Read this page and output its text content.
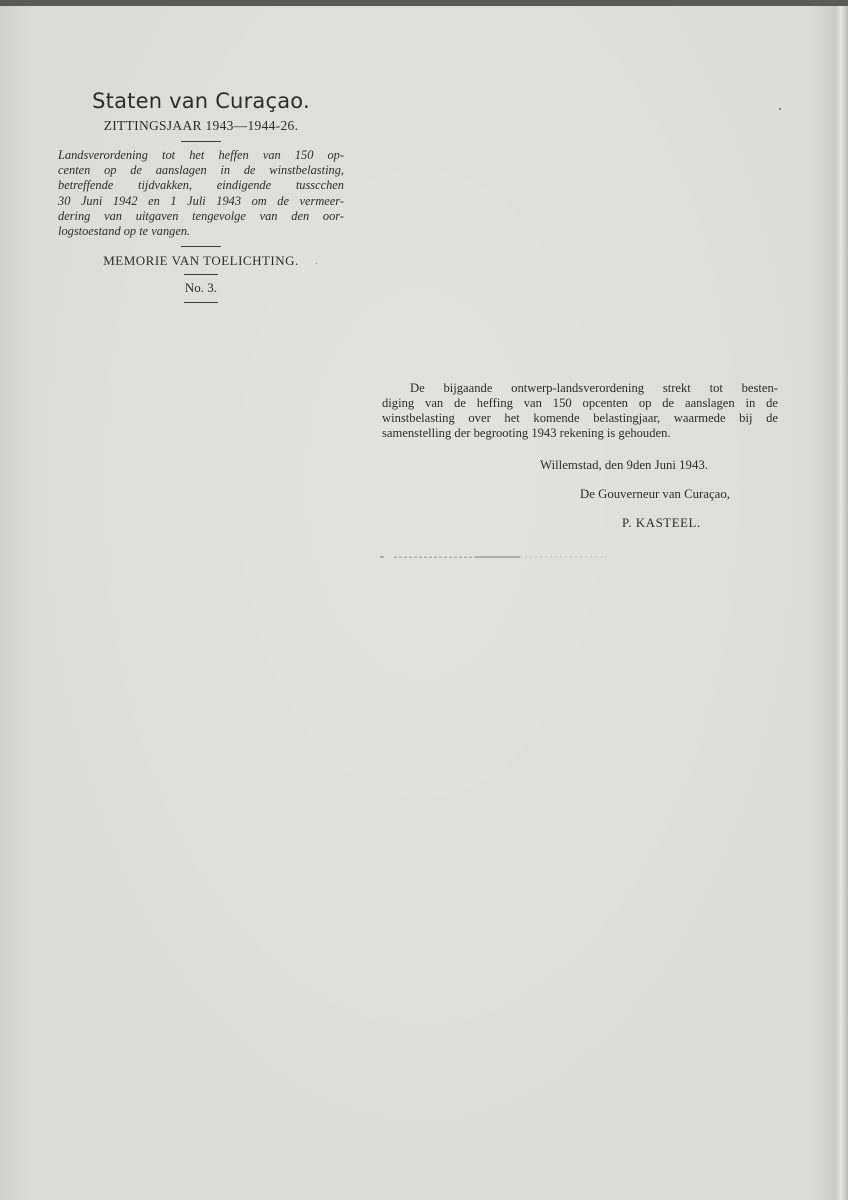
Staten van Curaçao.
ZITTINGSJAAR 1943—1944-26.
Landsverordening tot het heffen van 150 op-
centen op de aanslagen in de winstbelasting,
betreffende tijdvakken, eindigende tusscchen
30 Juni 1942 en 1 Juli 1943 om de vermeer-
dering van uitgaven tengevolge van den oor-
logstoestand op te vangen.
MEMORIE VAN TOELICHTING.
No. 3.
De bijgaande ontwerp-landsverordening strekt tot besten-
diging van de heffing van 150 opcenten op de aanslagen in de
winstbelasting over het komende belastingjaar, waarmede bij de
samenstelling der begrooting 1943 rekening is gehouden.
Willemstad, den 9den Juni 1943.
De Gouverneur van Curaçao,
P. KASTEEL.
